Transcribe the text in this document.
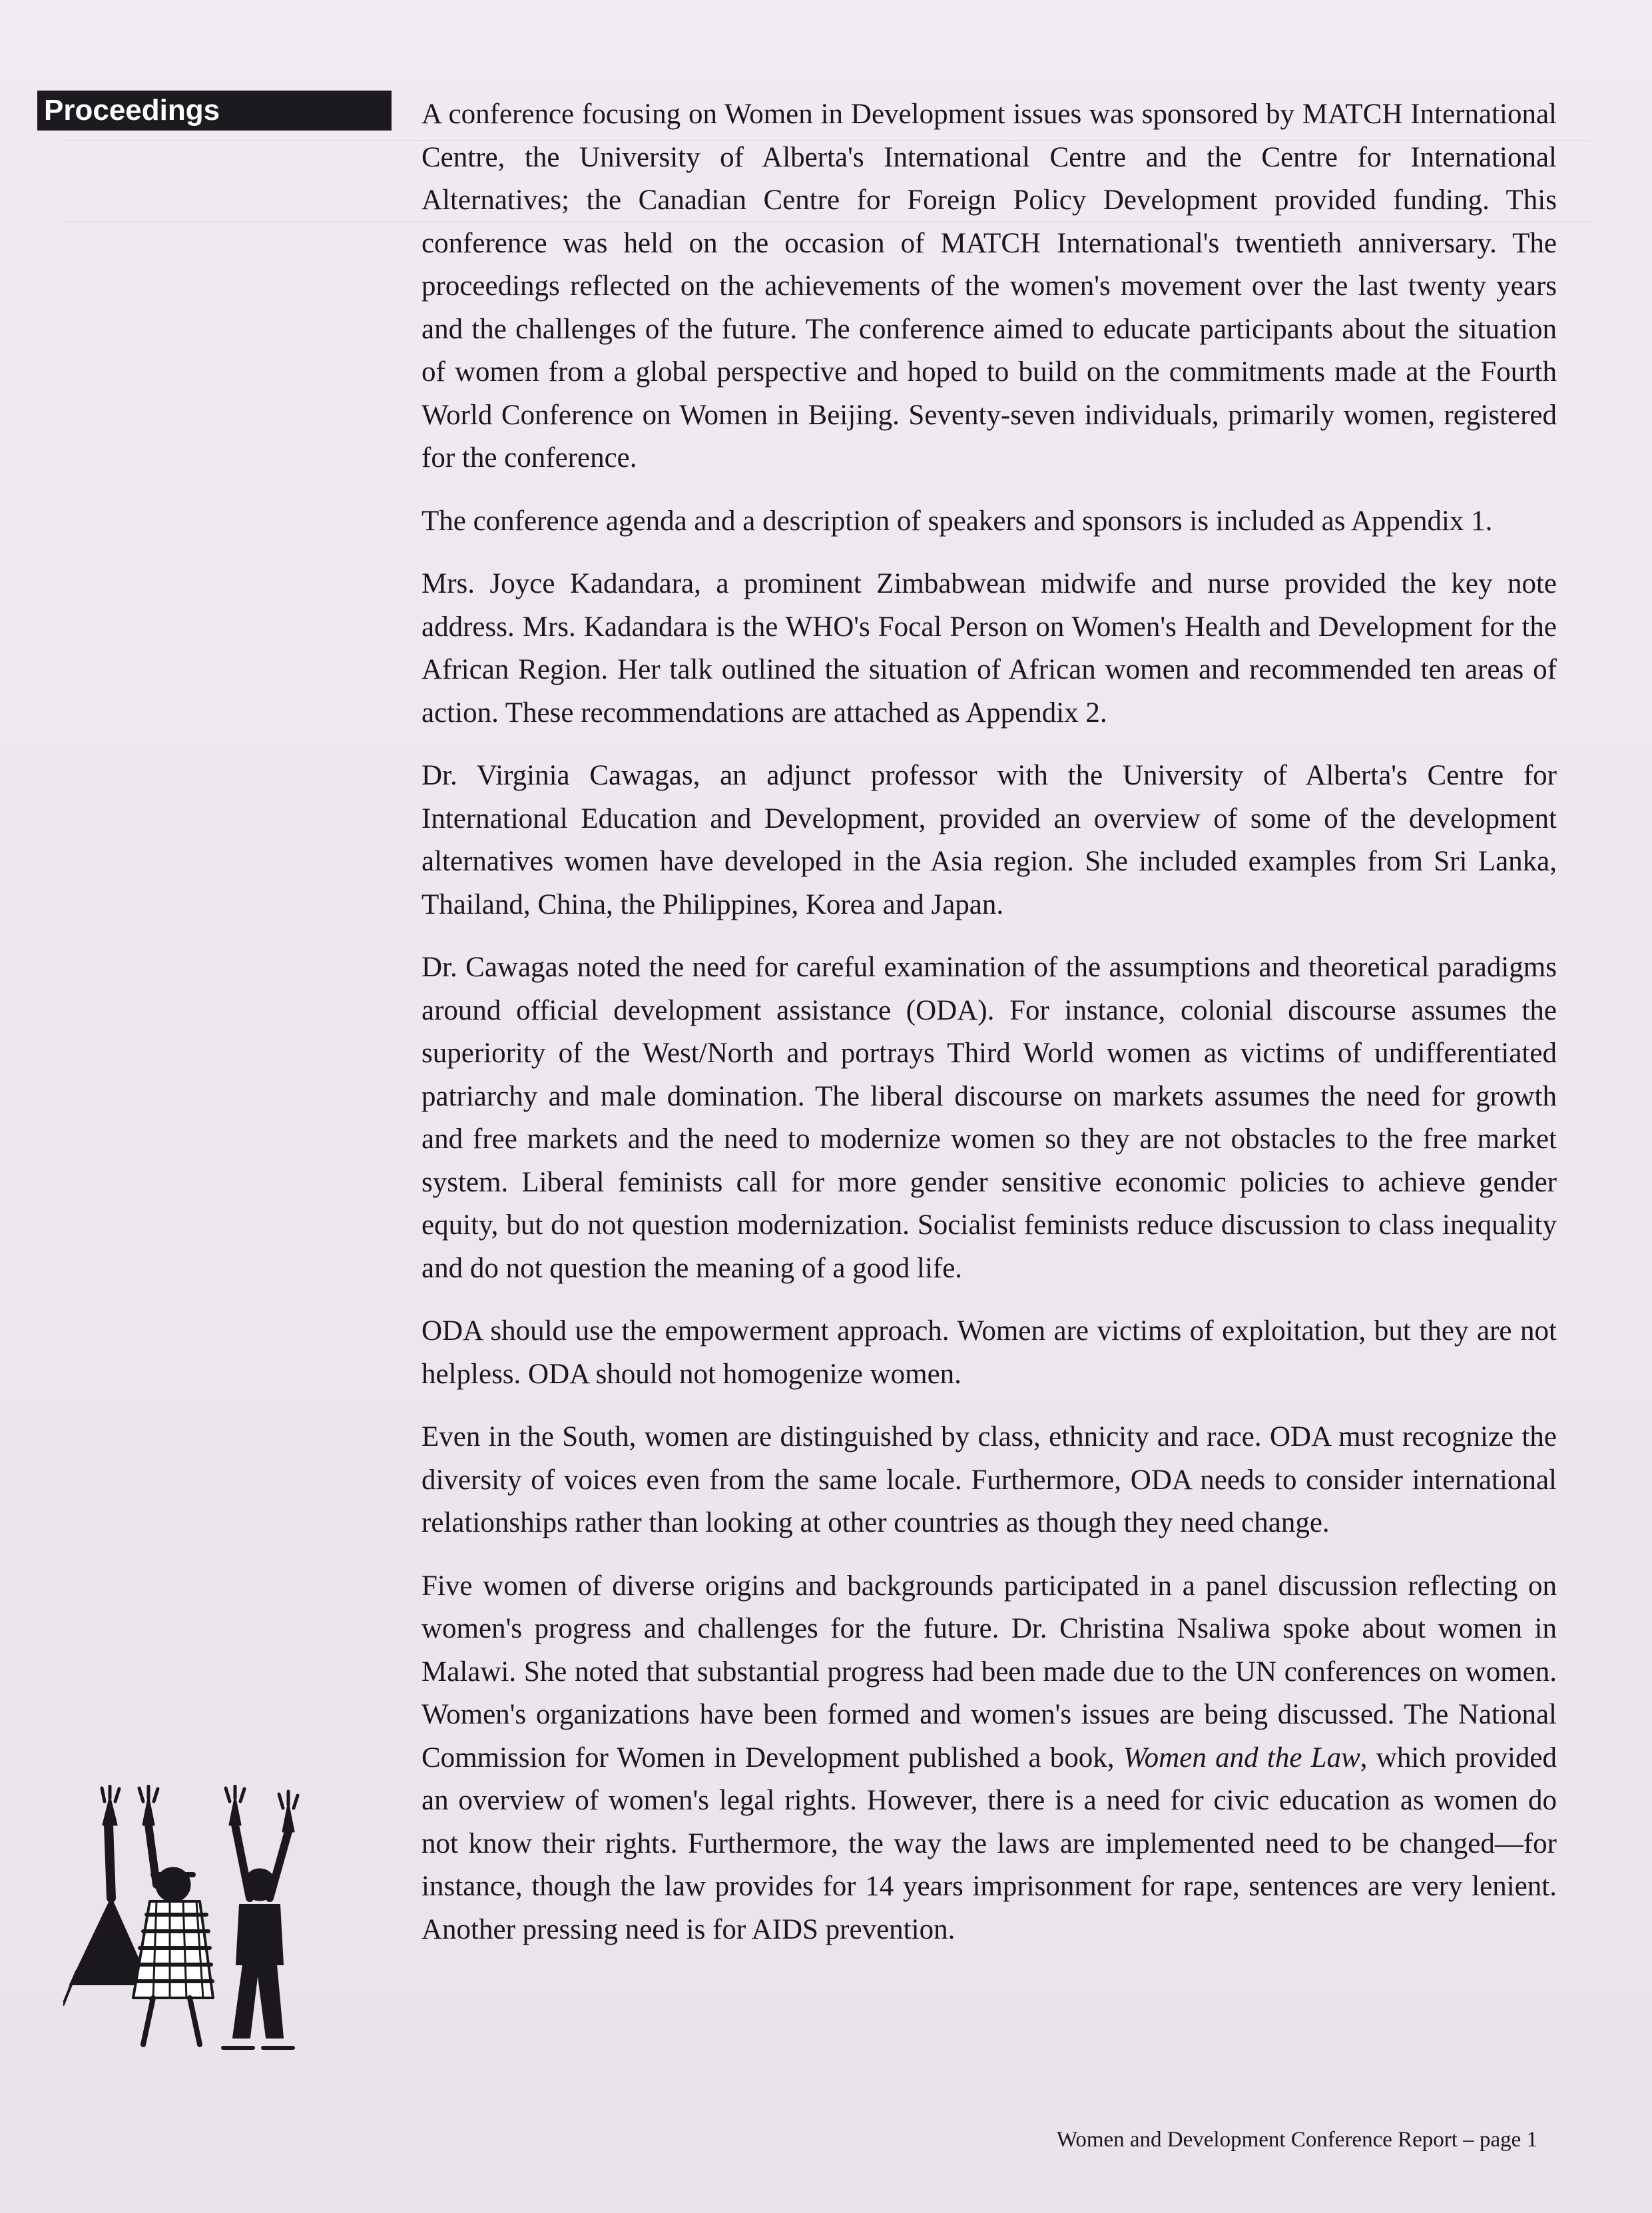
Proceedings	A conference focusing on Women in Development issues was sponsored by MATCH International Centre, the University of Alberta's International Centre and the Centre for International Alternatives; the Canadian Centre for Foreign Policy Development provided funding. This conference was held on the occasion of MATCH International's twentieth anniversary. The proceedings reflected on the achievements of the women's movement over the last twenty years and the challenges of the future. The conference aimed to educate participants about the situation of women from a global perspective and hoped to build on the commitments made at the Fourth World Conference on Women in Beijing. Seventy-seven individuals, primarily women, registered for the conference.

The conference agenda and a description of speakers and sponsors is included as Appendix 1.

Mrs. Joyce Kadandara, a prominent Zimbabwean midwife and nurse provided the key note address. Mrs. Kadandara is the WHO's Focal Person on Women's Health and Development for the African Region. Her talk outlined the situation of African women and recommended ten areas of action. These recommendations are attached as Appendix 2.

Dr. Virginia Cawagas, an adjunct professor with the University of Alberta's Centre for International Education and Development, provided an overview of some of the development alternatives women have developed in the Asia region. She included examples from Sri Lanka, Thailand, China, the Philippines, Korea and Japan.

Dr. Cawagas noted the need for careful examination of the assumptions and theoretical paradigms around official development assistance (ODA). For instance, colonial discourse assumes the superiority of the West/North and portrays Third World women as victims of undifferentiated patriarchy and male domination. The liberal discourse on markets assumes the need for growth and free markets and the need to modernize women so they are not obstacles to the free market system. Liberal feminists call for more gender sensitive economic policies to achieve gender equity, but do not question modernization. Socialist feminists reduce discussion to class inequality and do not question the meaning of a good life.

ODA should use the empowerment approach. Women are victims of exploitation, but they are not helpless. ODA should not homogenize women.

Even in the South, women are distinguished by class, ethnicity and race. ODA must recognize the diversity of voices even from the same locale. Furthermore, ODA needs to consider international relationships rather than looking at other countries as though they need change.

Five women of diverse origins and backgrounds participated in a panel discussion reflecting on women's progress and challenges for the future. Dr. Christina Nsaliwa spoke about women in Malawi. She noted that substantial progress had been made due to the UN conferences on women. Women's organizations have been formed and women's issues are being discussed. The National Commission for Women in Development published a book, Women and the Law, which provided an overview of women's legal rights. However, there is a need for civic education as women do not know their rights. Furthermore, the way the laws are implemented need to be changed—for instance, though the law provides for 14 years imprisonment for rape, sentences are very lenient. Another pressing need is for AIDS prevention.

Women and Development Conference Report – page 1
